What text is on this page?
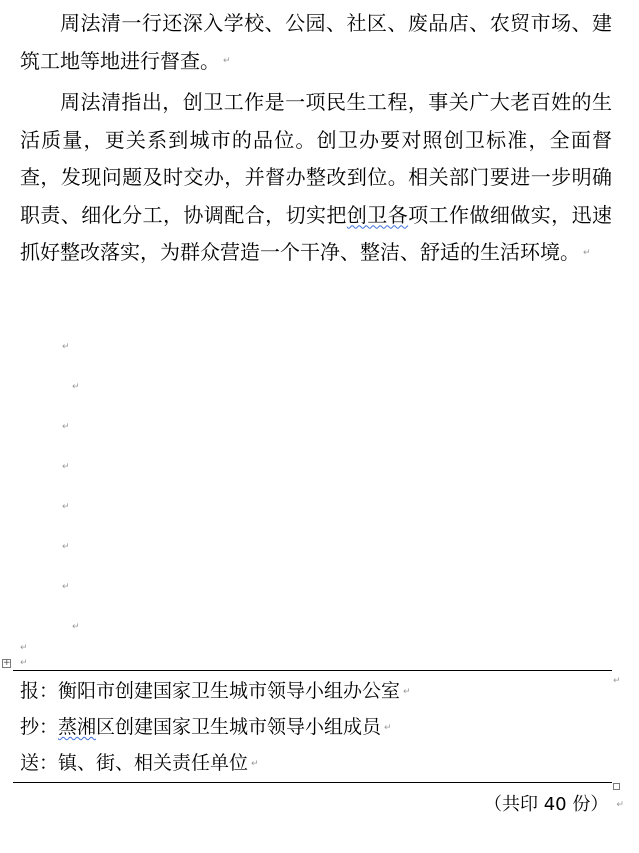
周法清一行还深入学校、公园、社区、废品店、农贸市场、建筑工地等地进行督查。 ↵

周法清指出，创卫工作是一项民生工程，事关广大老百姓的生活质量，更关系到城市的品位。创卫办要对照创卫标准，全面督查，发现问题及时交办，并督办整改到位。相关部门要进一步明确职责、细化分工，协调配合，切实把创卫各项工作做细做实，迅速抓好整改落实，为群众营造一个干净、整洁、舒适的生活环境。 ↵

↵
↵
↵
↵
↵
↵
↵
↵
↵
↵
+
报：衡阳市创建国家卫生城市领导小组办公室 ↵
↵
抄：蒸湘区创建国家卫生城市领导小组成员 ↵
送：镇、街、相关责任单位 ↵
（共印 40 份） ↵
